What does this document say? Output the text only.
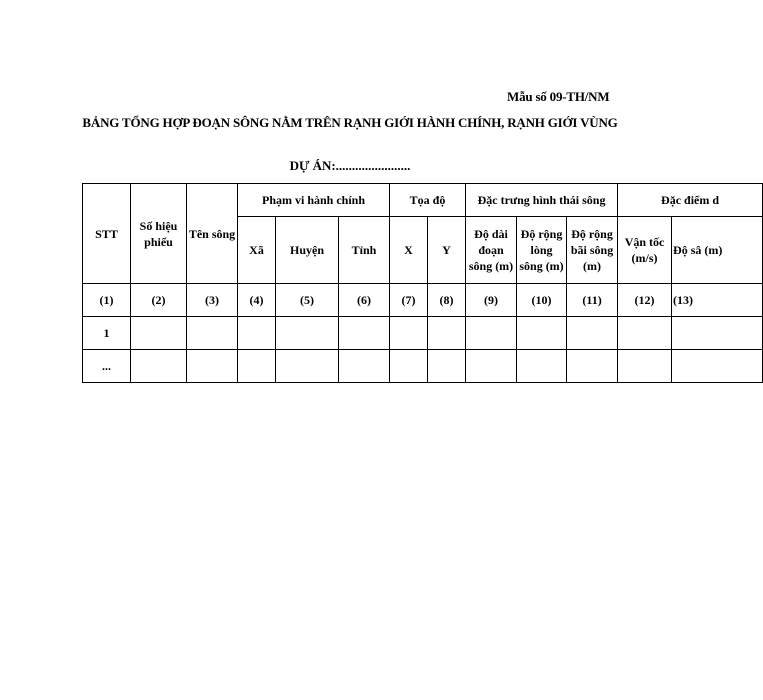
Mẫu số 09-TH/NM
BẢNG TỔNG HỢP ĐOẠN SÔNG NẰM TRÊN RẠNH GIỚI HÀNH CHÍNH, RẠNH GIỚI VÙNG
DỰ ÁN:.......................
STT	Số hiệu phiếu	Tên sông	Phạm vi hành chính			Tọa độ		Đặc trưng hình thái sông			Đặc điểm d	
			Xã	Huyện	Tỉnh	X	Y	Độ dài đoạn sông (m)	Độ rộng lòng sông (m)	Độ rộng bãi sông (m)	Vận tốc (m/s)	Độ sâ (m)
(1)	(2)	(3)	(4)	(5)	(6)	(7)	(8)	(9)	(10)	(11)	(12)	(13)
1												
...												
